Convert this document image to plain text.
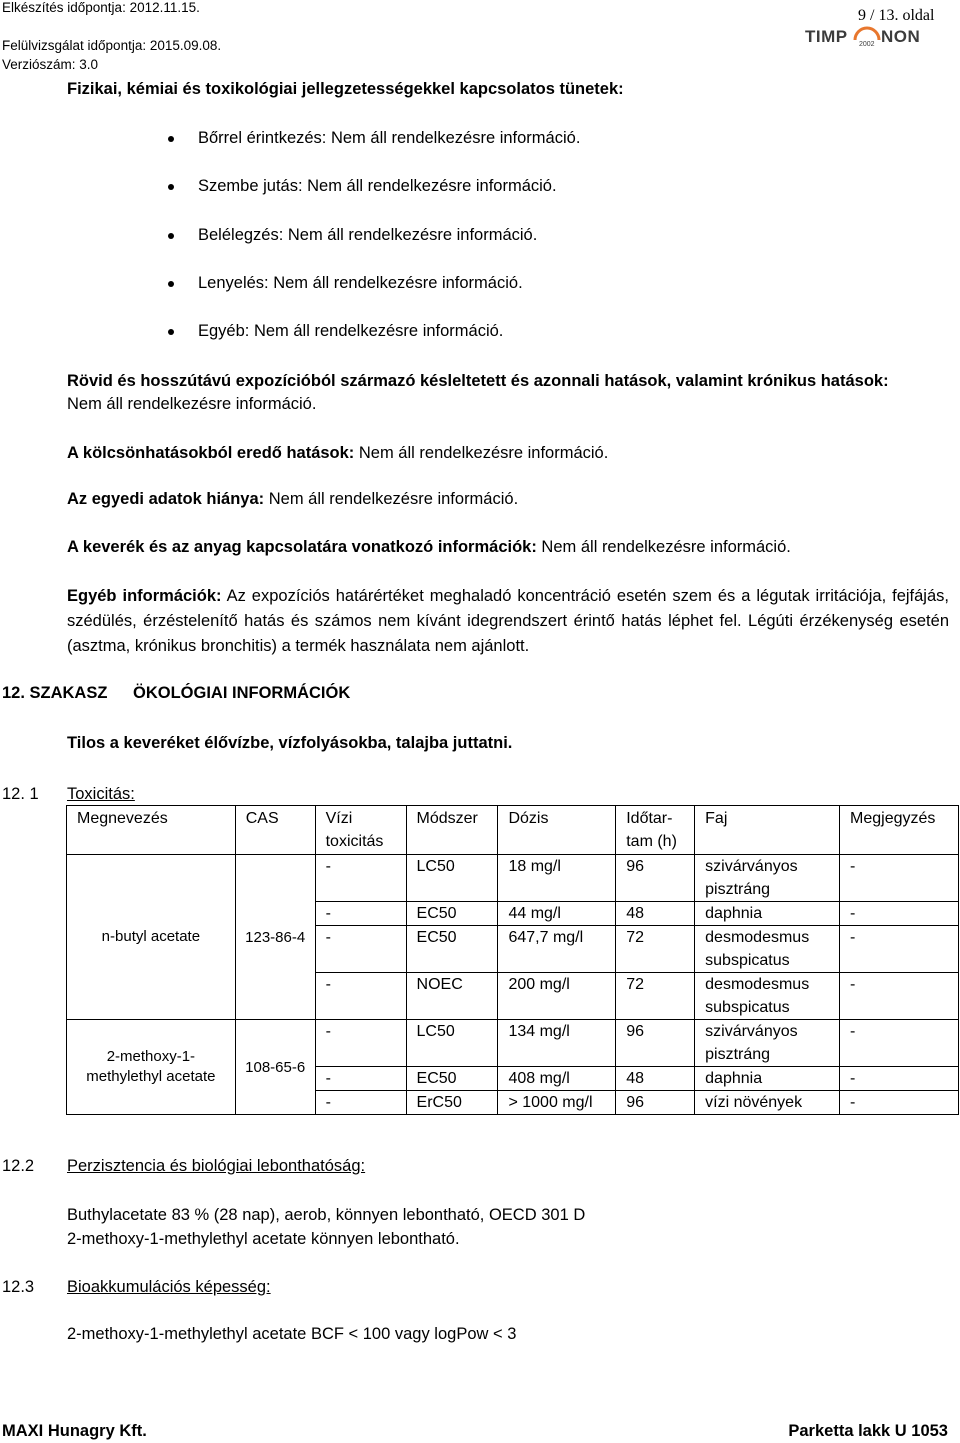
Elkészítés időpontja: 2012.11.15.
Felülvizsgálat időpontja: 2015.09.08.
Verziószám: 3.0
9 / 13. oldal
TIMP 2002 NON
Fizikai, kémiai és toxikológiai jellegzetességekkel kapcsolatos tünetek:
Bőrrel érintkezés: Nem áll rendelkezésre információ.
Szembe jutás: Nem áll rendelkezésre információ.
Belélegzés: Nem áll rendelkezésre információ.
Lenyelés: Nem áll rendelkezésre információ.
Egyéb: Nem áll rendelkezésre információ.
Rövid és hosszútávú expozícióból származó késleltetett és azonnali hatások, valamint krónikus hatások:
Nem áll rendelkezésre információ.
A kölcsönhatásokból eredő hatások: Nem áll rendelkezésre információ.
Az egyedi adatok hiánya: Nem áll rendelkezésre információ.
A keverék és az anyag kapcsolatára vonatkozó információk: Nem áll rendelkezésre információ.
Egyéb információk: Az expozíciós határértéket meghaladó koncentráció esetén szem és a légutak irritációja, fejfájás, szédülés, érzéstelenítő hatás és számos nem kívánt idegrendszert érintő hatás léphet fel. Légúti érzékenység esetén (asztma, krónikus bronchitis) a termék használata nem ajánlott.
12. SZAKASZ ÖKOLÓGIAI INFORMÁCIÓK
Tilos a keveréket élővízbe, vízfolyásokba, talajba juttatni.
12. 1 Toxicitás:
Megnevezés	CAS	Vízi toxicitás	Módszer	Dózis	Időtar-tam (h)	Faj	Megjegyzés
n-butyl acetate	123-86-4	-	LC50	18 mg/l	96	szivárványos pisztráng	-
		-	EC50	44 mg/l	48	daphnia	-
		-	EC50	647,7 mg/l	72	desmodesmus subspicatus	-
		-	NOEC	200 mg/l	72	desmodesmus subspicatus	-
2-methoxy-1-methylethyl acetate	108-65-6	-	LC50	134 mg/l	96	szivárványos pisztráng	-
		-	EC50	408 mg/l	48	daphnia	-
		-	ErC50	> 1000 mg/l	96	vízi növények	-
12.2 Perzisztencia és biológiai lebonthatóság:
Buthylacetate 83 % (28 nap), aerob, könnyen lebontható, OECD 301 D
2-methoxy-1-methylethyl acetate könnyen lebontható.
12.3 Bioakkumulációs képesség:
2-methoxy-1-methylethyl acetate BCF < 100 vagy logPow < 3
MAXI Hunagry Kft.	Parketta lakk U 1053
